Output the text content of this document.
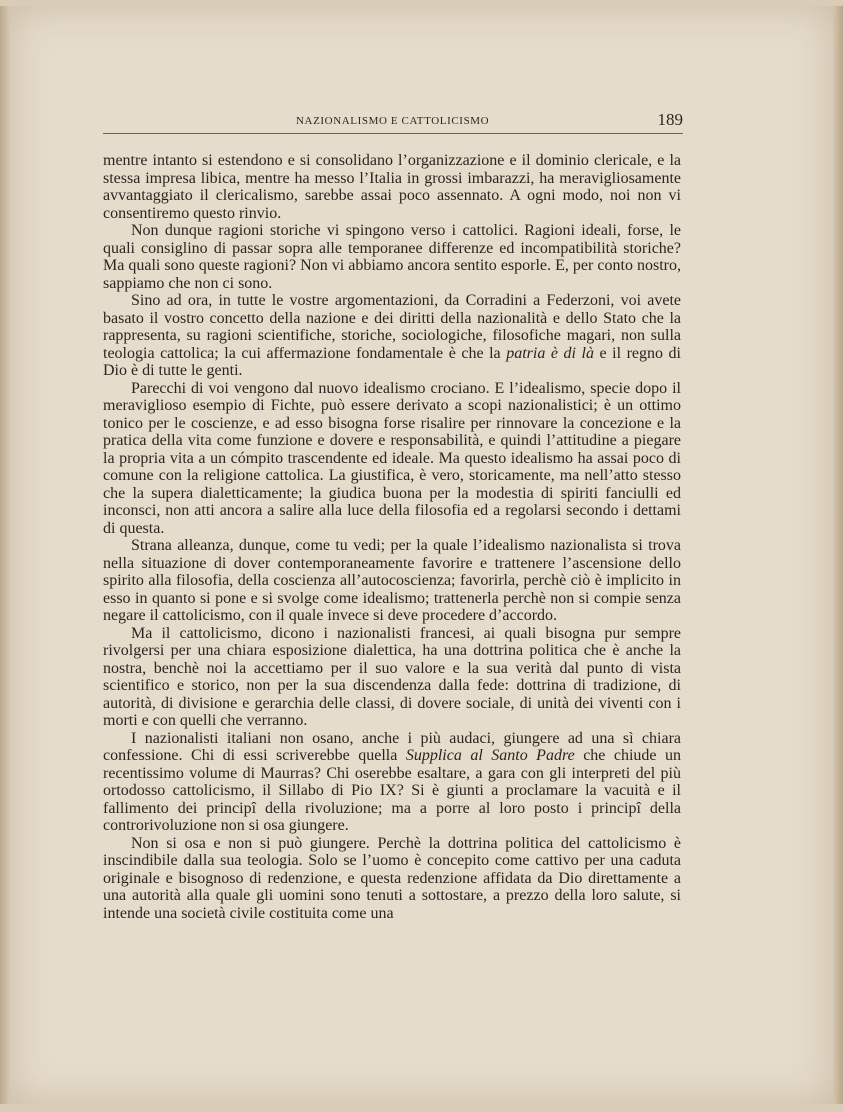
NAZIONALISMO E CATTOLICISMO	189

mentre intanto si estendono e si consolidano l’organizzazione e il dominio clericale, e la stessa impresa libica, mentre ha messo l’Italia in grossi imbarazzi, ha meravigliosamente avvantaggiato il clericalismo, sarebbe assai poco assennato. A ogni modo, noi non vi consentiremo questo rinvio.

Non dunque ragioni storiche vi spingono verso i cattolici. Ragioni ideali, forse, le quali consiglino di passar sopra alle temporanee differenze ed incompatibilità storiche? Ma quali sono queste ragioni? Non vi abbiamo ancora sentito esporle. E, per conto nostro, sappiamo che non ci sono.

Sino ad ora, in tutte le vostre argomentazioni, da Corradini a Federzoni, voi avete basato il vostro concetto della nazione e dei diritti della nazionalità e dello Stato che la rappresenta, su ragioni scientifiche, storiche, sociologiche, filosofiche magari, non sulla teologia cattolica; la cui affermazione fondamentale è che la patria è di là e il regno di Dio è di tutte le genti.

Parecchi di voi vengono dal nuovo idealismo crociano. E l’idealismo, specie dopo il meraviglioso esempio di Fichte, può essere derivato a scopi nazionalistici; è un ottimo tonico per le coscienze, e ad esso bisogna forse risalire per rinnovare la concezione e la pratica della vita come funzione e dovere e responsabilità, e quindi l’attitudine a piegare la propria vita a un cómpito trascendente ed ideale. Ma questo idealismo ha assai poco di comune con la religione cattolica. La giustifica, è vero, storicamente, ma nell’atto stesso che la supera dialetticamente; la giudica buona per la modestia di spiriti fanciulli ed inconsci, non atti ancora a salire alla luce della filosofia ed a regolarsi secondo i dettami di questa.

Strana alleanza, dunque, come tu vedi; per la quale l’idealismo nazionalista si trova nella situazione di dover contemporaneamente favorire e trattenere l’ascensione dello spirito alla filosofia, della coscienza all’autocoscienza; favorirla, perchè ciò è implicito in esso in quanto si pone e si svolge come idealismo; trattenerla perchè non si compie senza negare il cattolicismo, con il quale invece si deve procedere d’accordo.

Ma il cattolicismo, dicono i nazionalisti francesi, ai quali bisogna pur sempre rivolgersi per una chiara esposizione dialettica, ha una dottrina politica che è anche la nostra, benchè noi la accettiamo per il suo valore e la sua verità dal punto di vista scientifico e storico, non per la sua discendenza dalla fede: dottrina di tradizione, di autorità, di divisione e gerarchia delle classi, di dovere sociale, di unità dei viventi con i morti e con quelli che verranno.

I nazionalisti italiani non osano, anche i più audaci, giungere ad una sì chiara confessione. Chi di essi scriverebbe quella Supplica al Santo Padre che chiude un recentissimo volume di Maurras? Chi oserebbe esaltare, a gara con gli interpreti del più ortodosso cattolicismo, il Sillabo di Pio IX? Si è giunti a proclamare la vacuità e il fallimento dei principî della rivoluzione; ma a porre al loro posto i principî della controrivoluzione non si osa giungere.

Non si osa e non si può giungere. Perchè la dottrina politica del cattolicismo è inscindibile dalla sua teologia. Solo se l’uomo è concepito come cattivo per una caduta originale e bisognoso di redenzione, e questa redenzione affidata da Dio direttamente a una autorità alla quale gli uomini sono tenuti a sottostare, a prezzo della loro salute, si intende una società civile costituita come una
